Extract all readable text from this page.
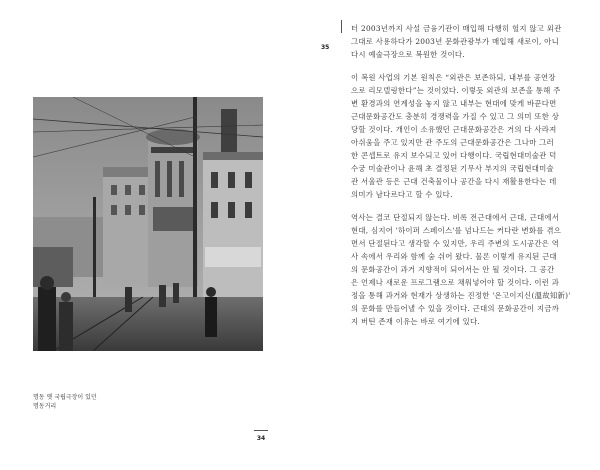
명동 옛 국립극장이 있던
명동거리
34
35
터 2003년까지 사설 금융기관이 매입해 다행히 헐지 않고 외관
그대로 사용하다가 2003년 문화관광부가 매입해 새로이, 아니
다시 예술극장으로 복원한 것이다.
이 복원 사업의 기본 원칙은 “외관은 보존하되, 내부를 공연장
으로 리모델링한다”는 것이었다. 이렇듯 외관의 보존을 통해 주
변 환경과의 연계성을 놓지 않고 내부는 현대에 맞게 바꾼다면
근대문화공간도 충분히 경쟁력을 가질 수 있고 그 의미 또한 상
당할 것이다. 개인이 소유했던 근대문화공간은 거의 다 사라져
아쉬움을 주고 있지만 관 주도의 근대문화공간은 그나마 그러
한 콘셉트로 유지 보수되고 있어 다행이다. 국립현대미술관 덕
수궁 미술관이나 윤해 초 결정된 기무사 부지의 국립현대미술
관 서울관 등은 근대 건축물이나 공간을 다시 재활용한다는 데
의미가 남다르다고 할 수 있다.
역사는 결코 단절되지 않는다. 비록 전근대에서 근대, 근대에서
현대, 심지어 '하이퍼 스페이스'를 넘나드는 커다란 변화를 겪으
면서 단절된다고 생각할 수 있지만, 우리 주변의 도시공간은 역
사 속에서 우리와 함께 숨 쉬어 왔다. 물론 이렇게 유지된 근대
의 문화공간이 과거 지향적이 되어서는 안 될 것이다. 그 공간
은 언제나 새로운 프로그램으로 채워넣어야 할 것이다. 이런 과
정을 통해 과거와 현재가 상생하는 진정한 '온고이지신(溫故知新)'
의 문화를 만들어낼 수 있을 것이다. 근대의 문화공간이 지금까
지 버틴 존재 이유는 바로 여기에 있다.
